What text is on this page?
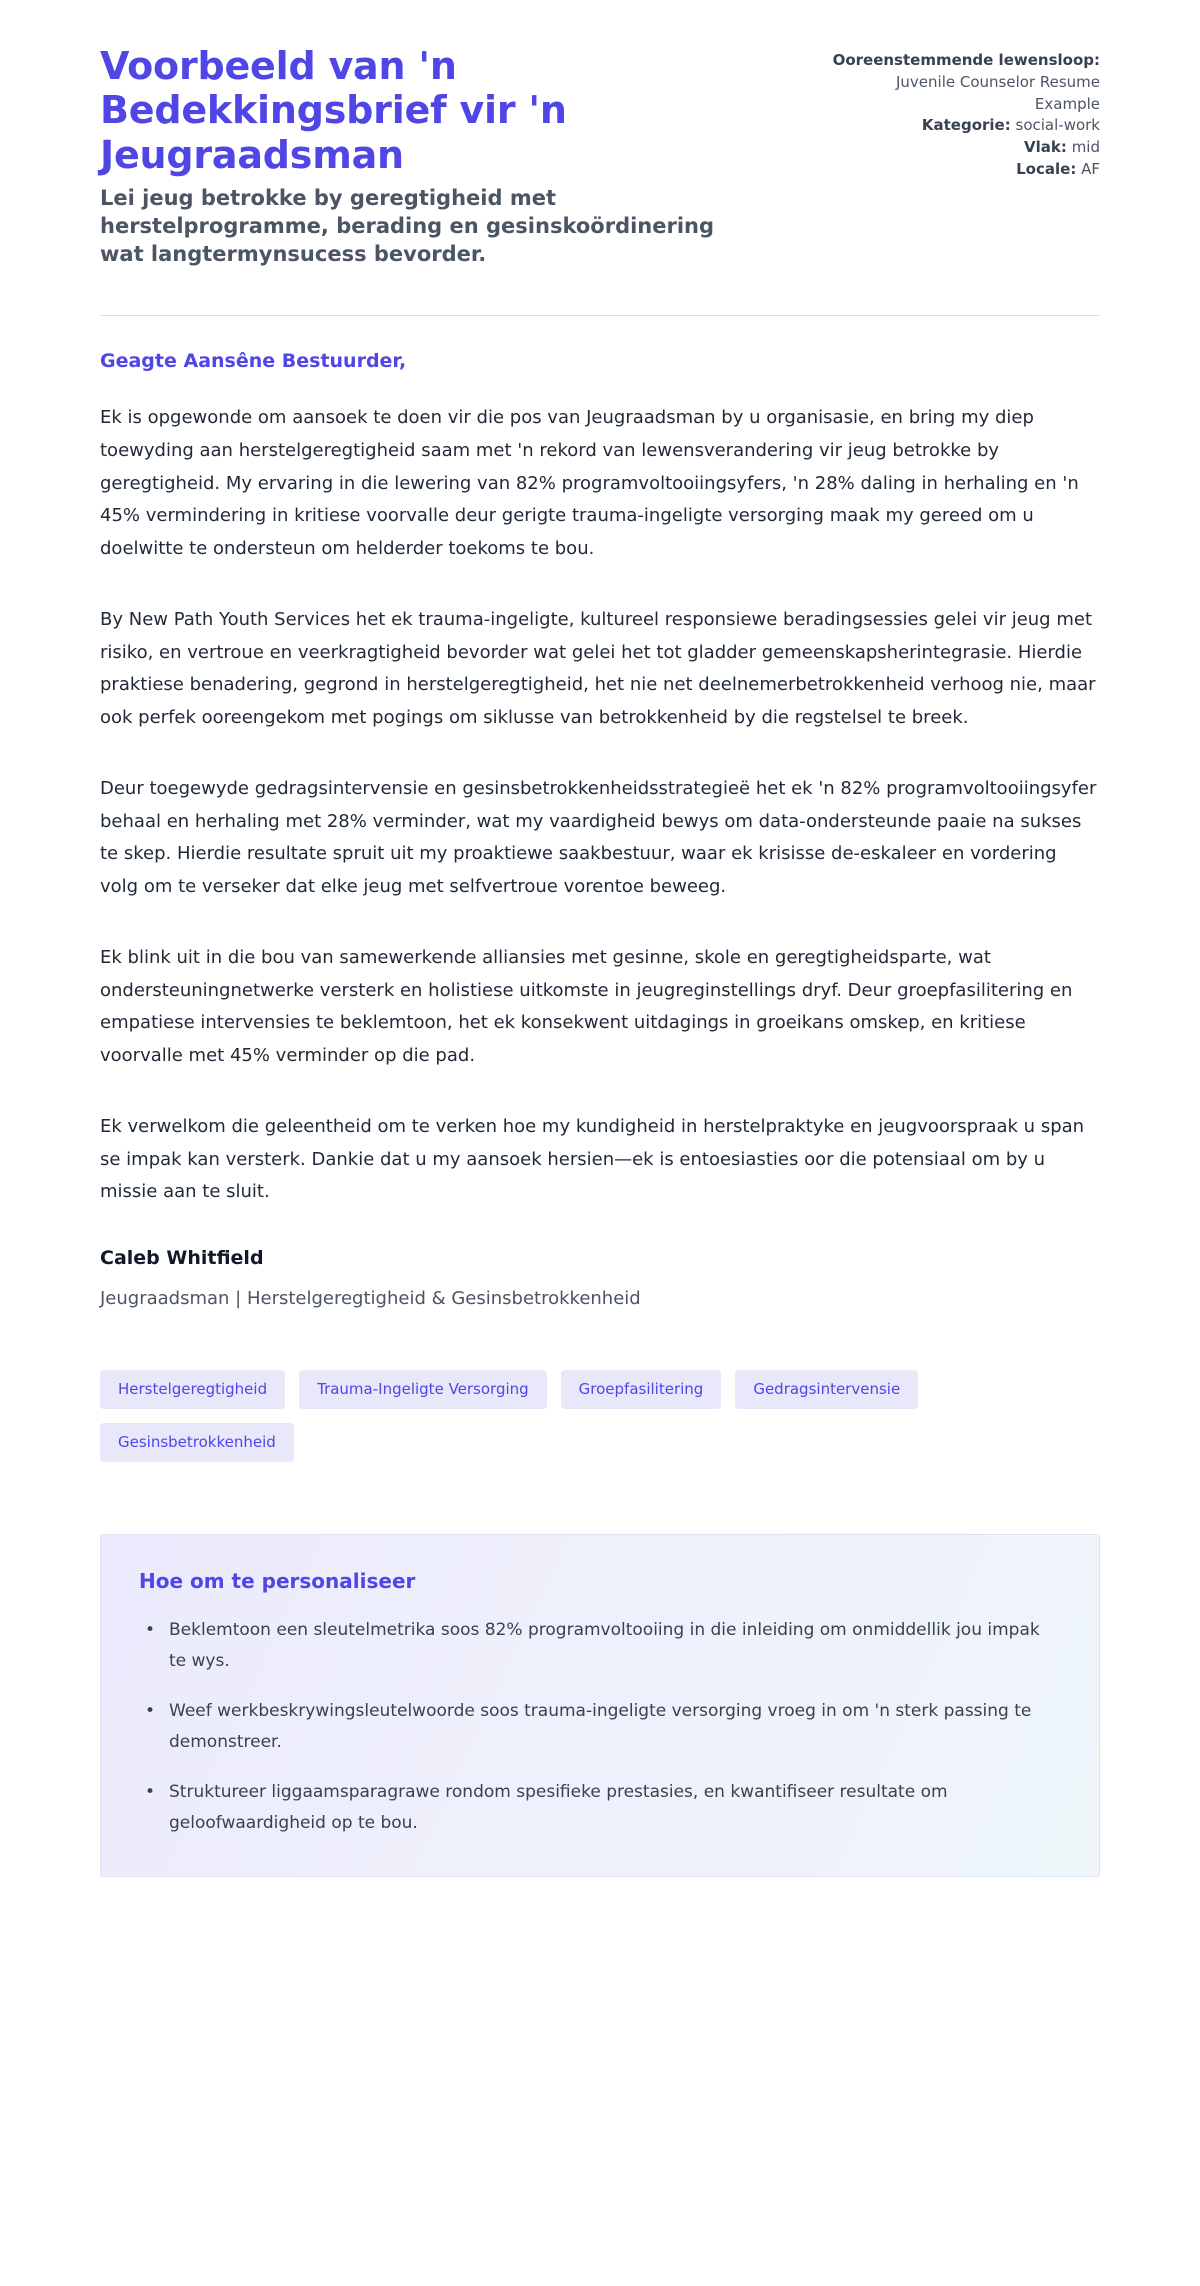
Voorbeeld van 'n Bedekkingsbrief vir 'n Jeugraadsman

Lei jeug betrokke by geregtigheid met herstelprogramme, berading en gesinskoördinering wat langtermynsucess bevorder.

Ooreenstemmende lewensloop: Juvenile Counselor Resume Example
Kategorie: social-work
Vlak: mid
Locale: AF

Geagte Aansêne Bestuurder,

Ek is opgewonde om aansoek te doen vir die pos van Jeugraadsman by u organisasie, en bring my diep toewyding aan herstelgeregtigheid saam met 'n rekord van lewensverandering vir jeug betrokke by geregtigheid. My ervaring in die lewering van 82% programvoltooiingsyfers, 'n 28% daling in herhaling en 'n 45% vermindering in kritiese voorvalle deur gerigte trauma-ingeligte versorging maak my gereed om u doelwitte te ondersteun om helderder toekoms te bou.

By New Path Youth Services het ek trauma-ingeligte, kultureel responsiewe beradingsessies gelei vir jeug met risiko, en vertroue en veerkragtigheid bevorder wat gelei het tot gladder gemeenskapsherintegrasie. Hierdie praktiese benadering, gegrond in herstelgeregtigheid, het nie net deelnemerbetrokkenheid verhoog nie, maar ook perfek ooreengekom met pogings om siklusse van betrokkenheid by die regstelsel te breek.

Deur toegewyde gedragsintervensie en gesinsbetrokkenheidsstrategieë het ek 'n 82% programvoltooiingsyfer behaal en herhaling met 28% verminder, wat my vaardigheid bewys om data-ondersteunde paaie na sukses te skep. Hierdie resultate spruit uit my proaktiewe saakbestuur, waar ek krisisse de-eskaleer en vordering volg om te verseker dat elke jeug met selfvertroue vorentoe beweeg.

Ek blink uit in die bou van samewerkende alliansies met gesinne, skole en geregtigheidsparte, wat ondersteuningnetwerke versterk en holistiese uitkomste in jeugreginstellings dryf. Deur groepfasilitering en empatiese intervensies te beklemtoon, het ek konsekwent uitdagings in groeikans omskep, en kritiese voorvalle met 45% verminder op die pad.

Ek verwelkom die geleentheid om te verken hoe my kundigheid in herstelpraktyke en jeugvoorspraak u span se impak kan versterk. Dankie dat u my aansoek hersien—ek is entoesiasties oor die potensiaal om by u missie aan te sluit.

Caleb Whitfield

Jeugraadsman | Herstelgeregtigheid & Gesinsbetrokkenheid

Herstelgeregtigheid	Trauma-Ingeligte Versorging	Groepfasilitering	Gedragsintervensie
Gesinsbetrokkenheid
Hoe om te personaliseer
• Beklemtoon een sleutelmetrika soos 82% programvoltooiing in die inleiding om onmiddellik jou impak te wys.
• Weef werkbeskrywingsleutelwoorde soos trauma-ingeligte versorging vroeg in om 'n sterk passing te demonstreer.
• Struktureer liggaamsparagrawe rondom spesifieke prestasies, en kwantifiseer resultate om geloofwaardigheid op te bou.
